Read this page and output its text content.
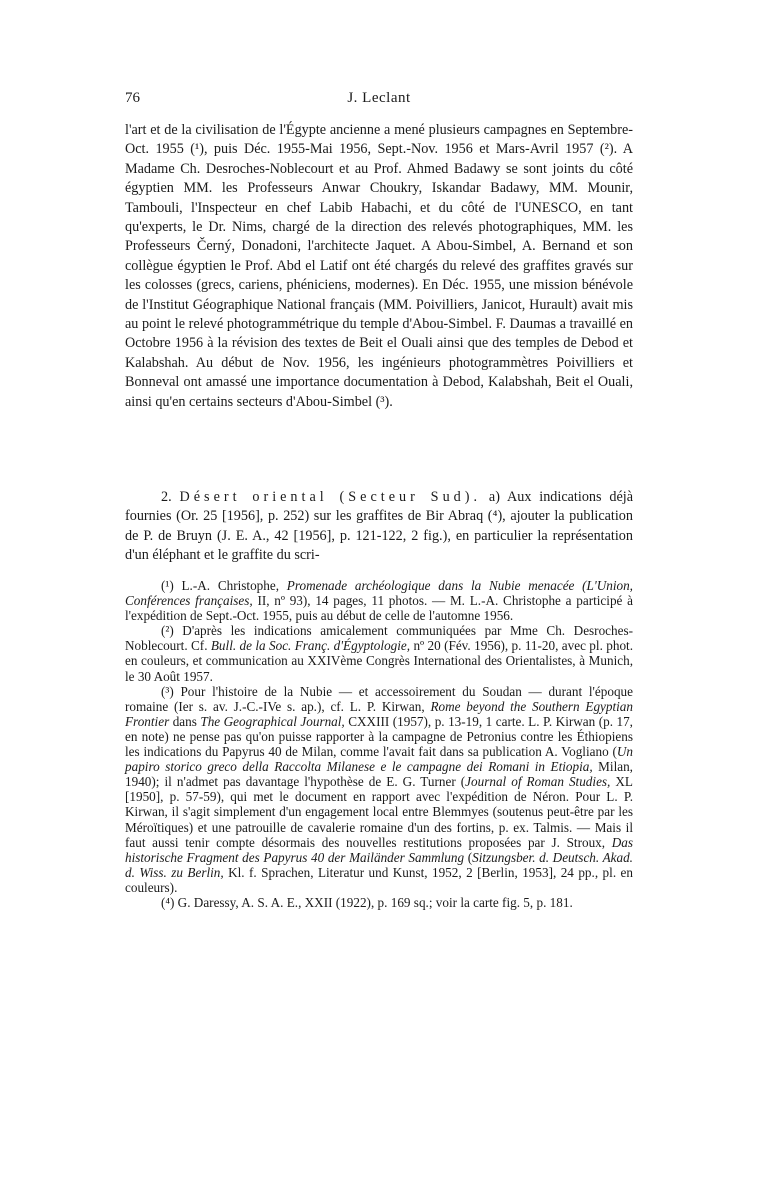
76	J. Leclant

l'art et de la civilisation de l'Égypte ancienne a mené plusieurs campagnes en Septembre-Oct. 1955 (¹), puis Déc. 1955-Mai 1956, Sept.-Nov. 1956 et Mars-Avril 1957 (²). A Madame Ch. Desroches-Noblecourt et au Prof. Ahmed Badawy se sont joints du côté égyptien MM. les Professeurs Anwar Choukry, Iskandar Badawy, MM. Mounir, Tambouli, l'Inspecteur en chef Labib Habachi, et du côté de l'UNESCO, en tant qu'experts, le Dr. Nims, chargé de la direction des relevés photographiques, MM. les Professeurs Černý, Donadoni, l'architecte Jaquet. A Abou-Simbel, A. Bernand et son collègue égyptien le Prof. Abd el Latif ont été chargés du relevé des graffites gravés sur les colosses (grecs, cariens, phéniciens, modernes). En Déc. 1955, une mission bénévole de l'Institut Géographique National français (MM. Poivilliers, Janicot, Hurault) avait mis au point le relevé photogrammétrique du temple d'Abou-Simbel. F. Daumas a travaillé en Octobre 1956 à la révision des textes de Beit el Ouali ainsi que des temples de Debod et Kalabshah. Au début de Nov. 1956, les ingénieurs photogrammètres Poivilliers et Bonneval ont amassé une importance documentation à Debod, Kalabshah, Beit el Ouali, ainsi qu'en certains secteurs d'Abou-Simbel (³).

2. Désert oriental (Secteur Sud). a) Aux indications déjà fournies (Or. 25 [1956], p. 252) sur les graffites de Bir Abraq (⁴), ajouter la publication de P. de Bruyn (J. E. A., 42 [1956], p. 121-122, 2 fig.), en particulier la représentation d'un éléphant et le graffite du scri-

(¹) L.-A. Christophe, Promenade archéologique dans la Nubie menacée (L'Union, Conférences françaises, II, nº 93), 14 pages, 11 photos. — M. L.-A. Christophe a participé à l'expédition de Sept.-Oct. 1955, puis au début de celle de l'automne 1956.

(²) D'après les indications amicalement communiquées par Mme Ch. Desroches-Noblecourt. Cf. Bull. de la Soc. Franç. d'Égyptologie, nº 20 (Fév. 1956), p. 11-20, avec pl. phot. en couleurs, et communication au XXIVème Congrès International des Orientalistes, à Munich, le 30 Août 1957.

(³) Pour l'histoire de la Nubie — et accessoirement du Soudan — durant l'époque romaine (Ier s. av. J.-C.-IVe s. ap.), cf. L. P. Kirwan, Rome beyond the Southern Egyptian Frontier dans The Geographical Journal, CXXIII (1957), p. 13-19, 1 carte. L. P. Kirwan (p. 17, en note) ne pense pas qu'on puisse rapporter à la campagne de Petronius contre les Éthiopiens les indications du Papyrus 40 de Milan, comme l'avait fait dans sa publication A. Vogliano (Un papiro storico greco della Raccolta Milanese e le campagne dei Romani in Etiopia, Milan, 1940); il n'admet pas davantage l'hypothèse de E. G. Turner (Journal of Roman Studies, XL [1950], p. 57-59), qui met le document en rapport avec l'expédition de Néron. Pour L. P. Kirwan, il s'agit simplement d'un engagement local entre Blemmyes (soutenus peut-être par les Méroïtiques) et une patrouille de cavalerie romaine d'un des fortins, p. ex. Talmis. — Mais il faut aussi tenir compte désormais des nouvelles restitutions proposées par J. Stroux, Das historische Fragment des Papyrus 40 der Mailänder Sammlung (Sitzungsber. d. Deutsch. Akad. d. Wiss. zu Berlin, Kl. f. Sprachen, Literatur und Kunst, 1952, 2 [Berlin, 1953], 24 pp., pl. en couleurs).

(⁴) G. Daressy, A. S. A. E., XXII (1922), p. 169 sq.; voir la carte fig. 5, p. 181.
